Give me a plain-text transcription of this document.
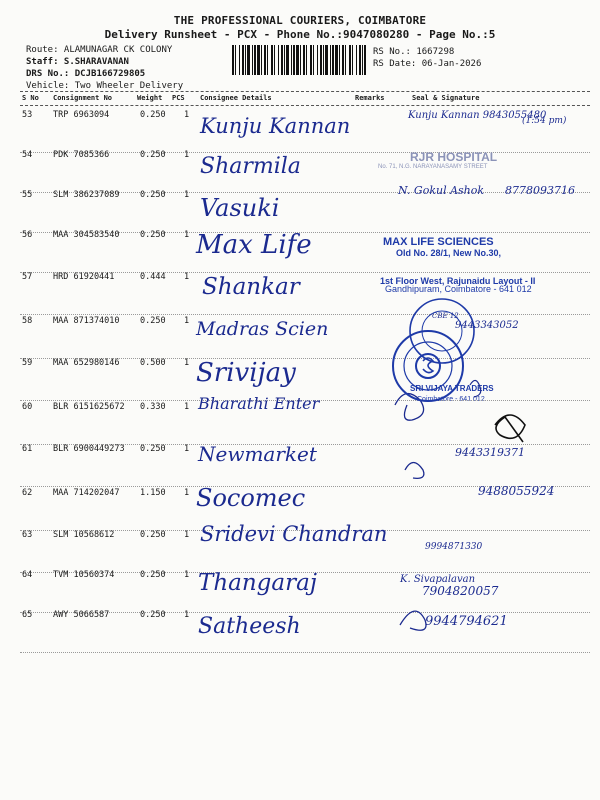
THE PROFESSIONAL COURIERS, COIMBATORE
Delivery Runsheet - PCX - Phone No.:9047080280 - Page No.:5
Route: ALAMUNAGAR CK COLONY
Staff: S.SHARAVANAN
DRS No.: DCJB166729805
Vehicle: Two Wheeler Delivery
RS No.: 1667298
RS Date: 06-Jan-2026
S No Consignment No	Weight PCS Consignee Details	Remarks	Seal & Signature
53 TRP 6963094	0.250 1 Kunju Kannan	Kunju Kannan 9843055480
(1:54 pm)
54 PDK 7085366	0.250 1 Sharmila	RJR HOSPITAL
No. 71, N.G. NARAYANASAMY STREET
55 SLM 386237089 0.250 1 Vasuki
N. Gokul Ashok 8778093716
56 MAA 304583540 0.250 1 Max Life	MAX LIFE SCIENCES
Old No. 28/1, New No.30,
57 HRD 61920441	0.444 1 Shankar	1st Floor West, Rajunaidu Layout - II
Gandhipuram, Coimbatore - 641 012
58 MAA 871374010 0.250 1 Madras Scien	9443343052
CBE 12
59 MAA 652980146 0.500 1 Srivijay
SRI VIJAYA TRADERS
Coimbatore - 641 012
60 BLR 6151625672 0.330 1 Bharathi Enter
61 BLR 6900449273 0.250 1 Newmarket	9443319371
62 MAA 714202047 1.150 1 Socomec	9488055924
63 SLM 10568612	0.250 1 Sridevi Chandran
9994871330
64 TVM 10560374	0.250 1 Thangaraj	K. Sivapalavan
7904820057
65 AWY 5066587	0.250 1 Satheesh	9944794621
